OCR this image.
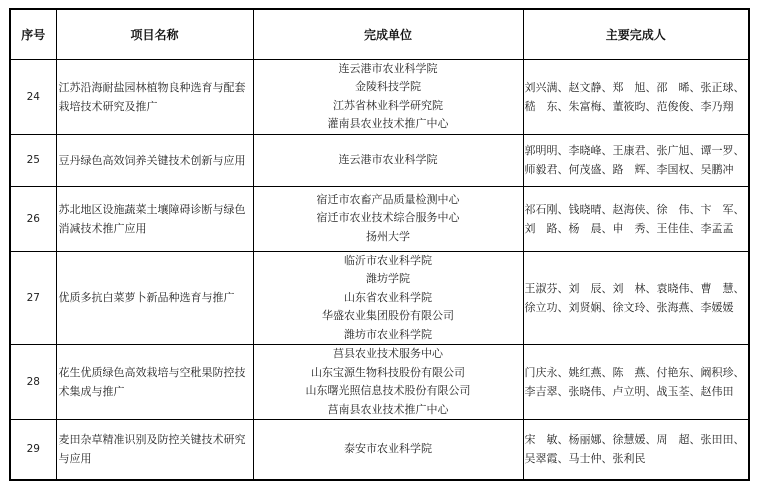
序号	项目名称	完成单位	主要完成人
24	江苏沿海耐盐园林植物良种选育与配套栽培技术研究及推广	连云港市农业科学院
金陵科技学院
江苏省林业科学研究院
灌南县农业技术推广中心	刘兴满、赵文静、郑　旭、邵　晞、张正球、嵇　东、朱富梅、董筱昀、范俊俊、李乃翔
25	豆丹绿色高效饲养关键技术创新与应用	连云港市农业科学院	郭明明、李晓峰、王康君、张广旭、谭一罗、师毅君、何茂盛、路　辉、李国权、吴鹏冲
26	苏北地区设施蔬菜土壤障碍诊断与绿色消减技术推广应用	宿迁市农畜产品质量检测中心
宿迁市农业技术综合服务中心
扬州大学	祁石刚、钱晓晴、赵海侠、徐　伟、卞　军、刘　路、杨　晨、申　秀、王佳佳、李孟孟
27	优质多抗白菜萝卜新品种选育与推广	临沂市农业科学院
潍坊学院
山东省农业科学院
华盛农业集团股份有限公司
潍坊市农业科学院	王淑芬、刘　辰、刘　林、袁晓伟、曹　慧、徐立功、刘贤娴、徐文玲、张海燕、李媛媛
28	花生优质绿色高效栽培与空秕果防控技术集成与推广	莒县农业技术服务中心
山东宝源生物科技股份有限公司
山东曙光照信息技术股份有限公司
莒南县农业技术推广中心	门庆永、姚红燕、陈　燕、付艳东、阚积珍、李吉翠、张晓伟、卢立明、战玉荃、赵伟田
29	麦田杂草精准识别及防控关键技术研究与应用	泰安市农业科学院	宋　敏、杨丽娜、徐慧媛、周　超、张田田、吴翠霞、马士仲、张利民
